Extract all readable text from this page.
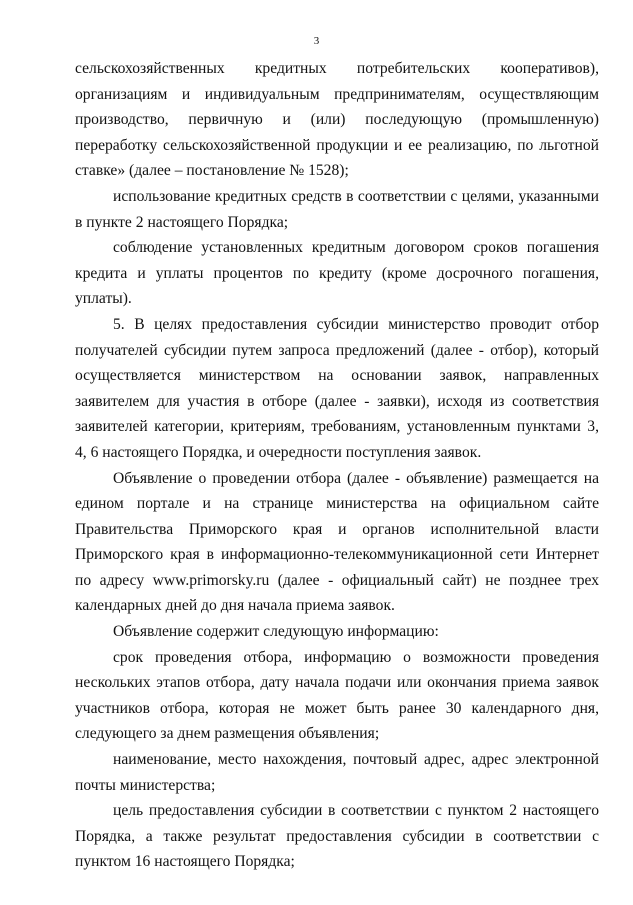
3

сельскохозяйственных кредитных потребительских кооперативов), организациям и индивидуальным предпринимателям, осуществляющим производство, первичную и (или) последующую (промышленную) переработку сельскохозяйственной продукции и ее реализацию, по льготной ставке» (далее – постановление № 1528);

использование кредитных средств в соответствии с целями, указанными в пункте 2 настоящего Порядка;

соблюдение установленных кредитным договором сроков погашения кредита и уплаты процентов по кредиту (кроме досрочного погашения, уплаты).

5. В целях предоставления субсидии министерство проводит отбор получателей субсидии путем запроса предложений (далее - отбор), который осуществляется министерством на основании заявок, направленных заявителем для участия в отборе (далее - заявки), исходя из соответствия заявителей категории, критериям, требованиям, установленным пунктами 3, 4, 6 настоящего Порядка, и очередности поступления заявок.

Объявление о проведении отбора (далее - объявление) размещается на едином портале и на странице министерства на официальном сайте Правительства Приморского края и органов исполнительной власти Приморского края в информационно-телекоммуникационной сети Интернет по адресу www.primorsky.ru (далее - официальный сайт) не позднее трех календарных дней до дня начала приема заявок.

Объявление содержит следующую информацию:

срок проведения отбора, информацию о возможности проведения нескольких этапов отбора, дату начала подачи или окончания приема заявок участников отбора, которая не может быть ранее 30 календарного дня, следующего за днем размещения объявления;

наименование, место нахождения, почтовый адрес, адрес электронной почты министерства;

цель предоставления субсидии в соответствии с пунктом 2 настоящего Порядка, а также результат предоставления субсидии в соответствии с пунктом 16 настоящего Порядка;
